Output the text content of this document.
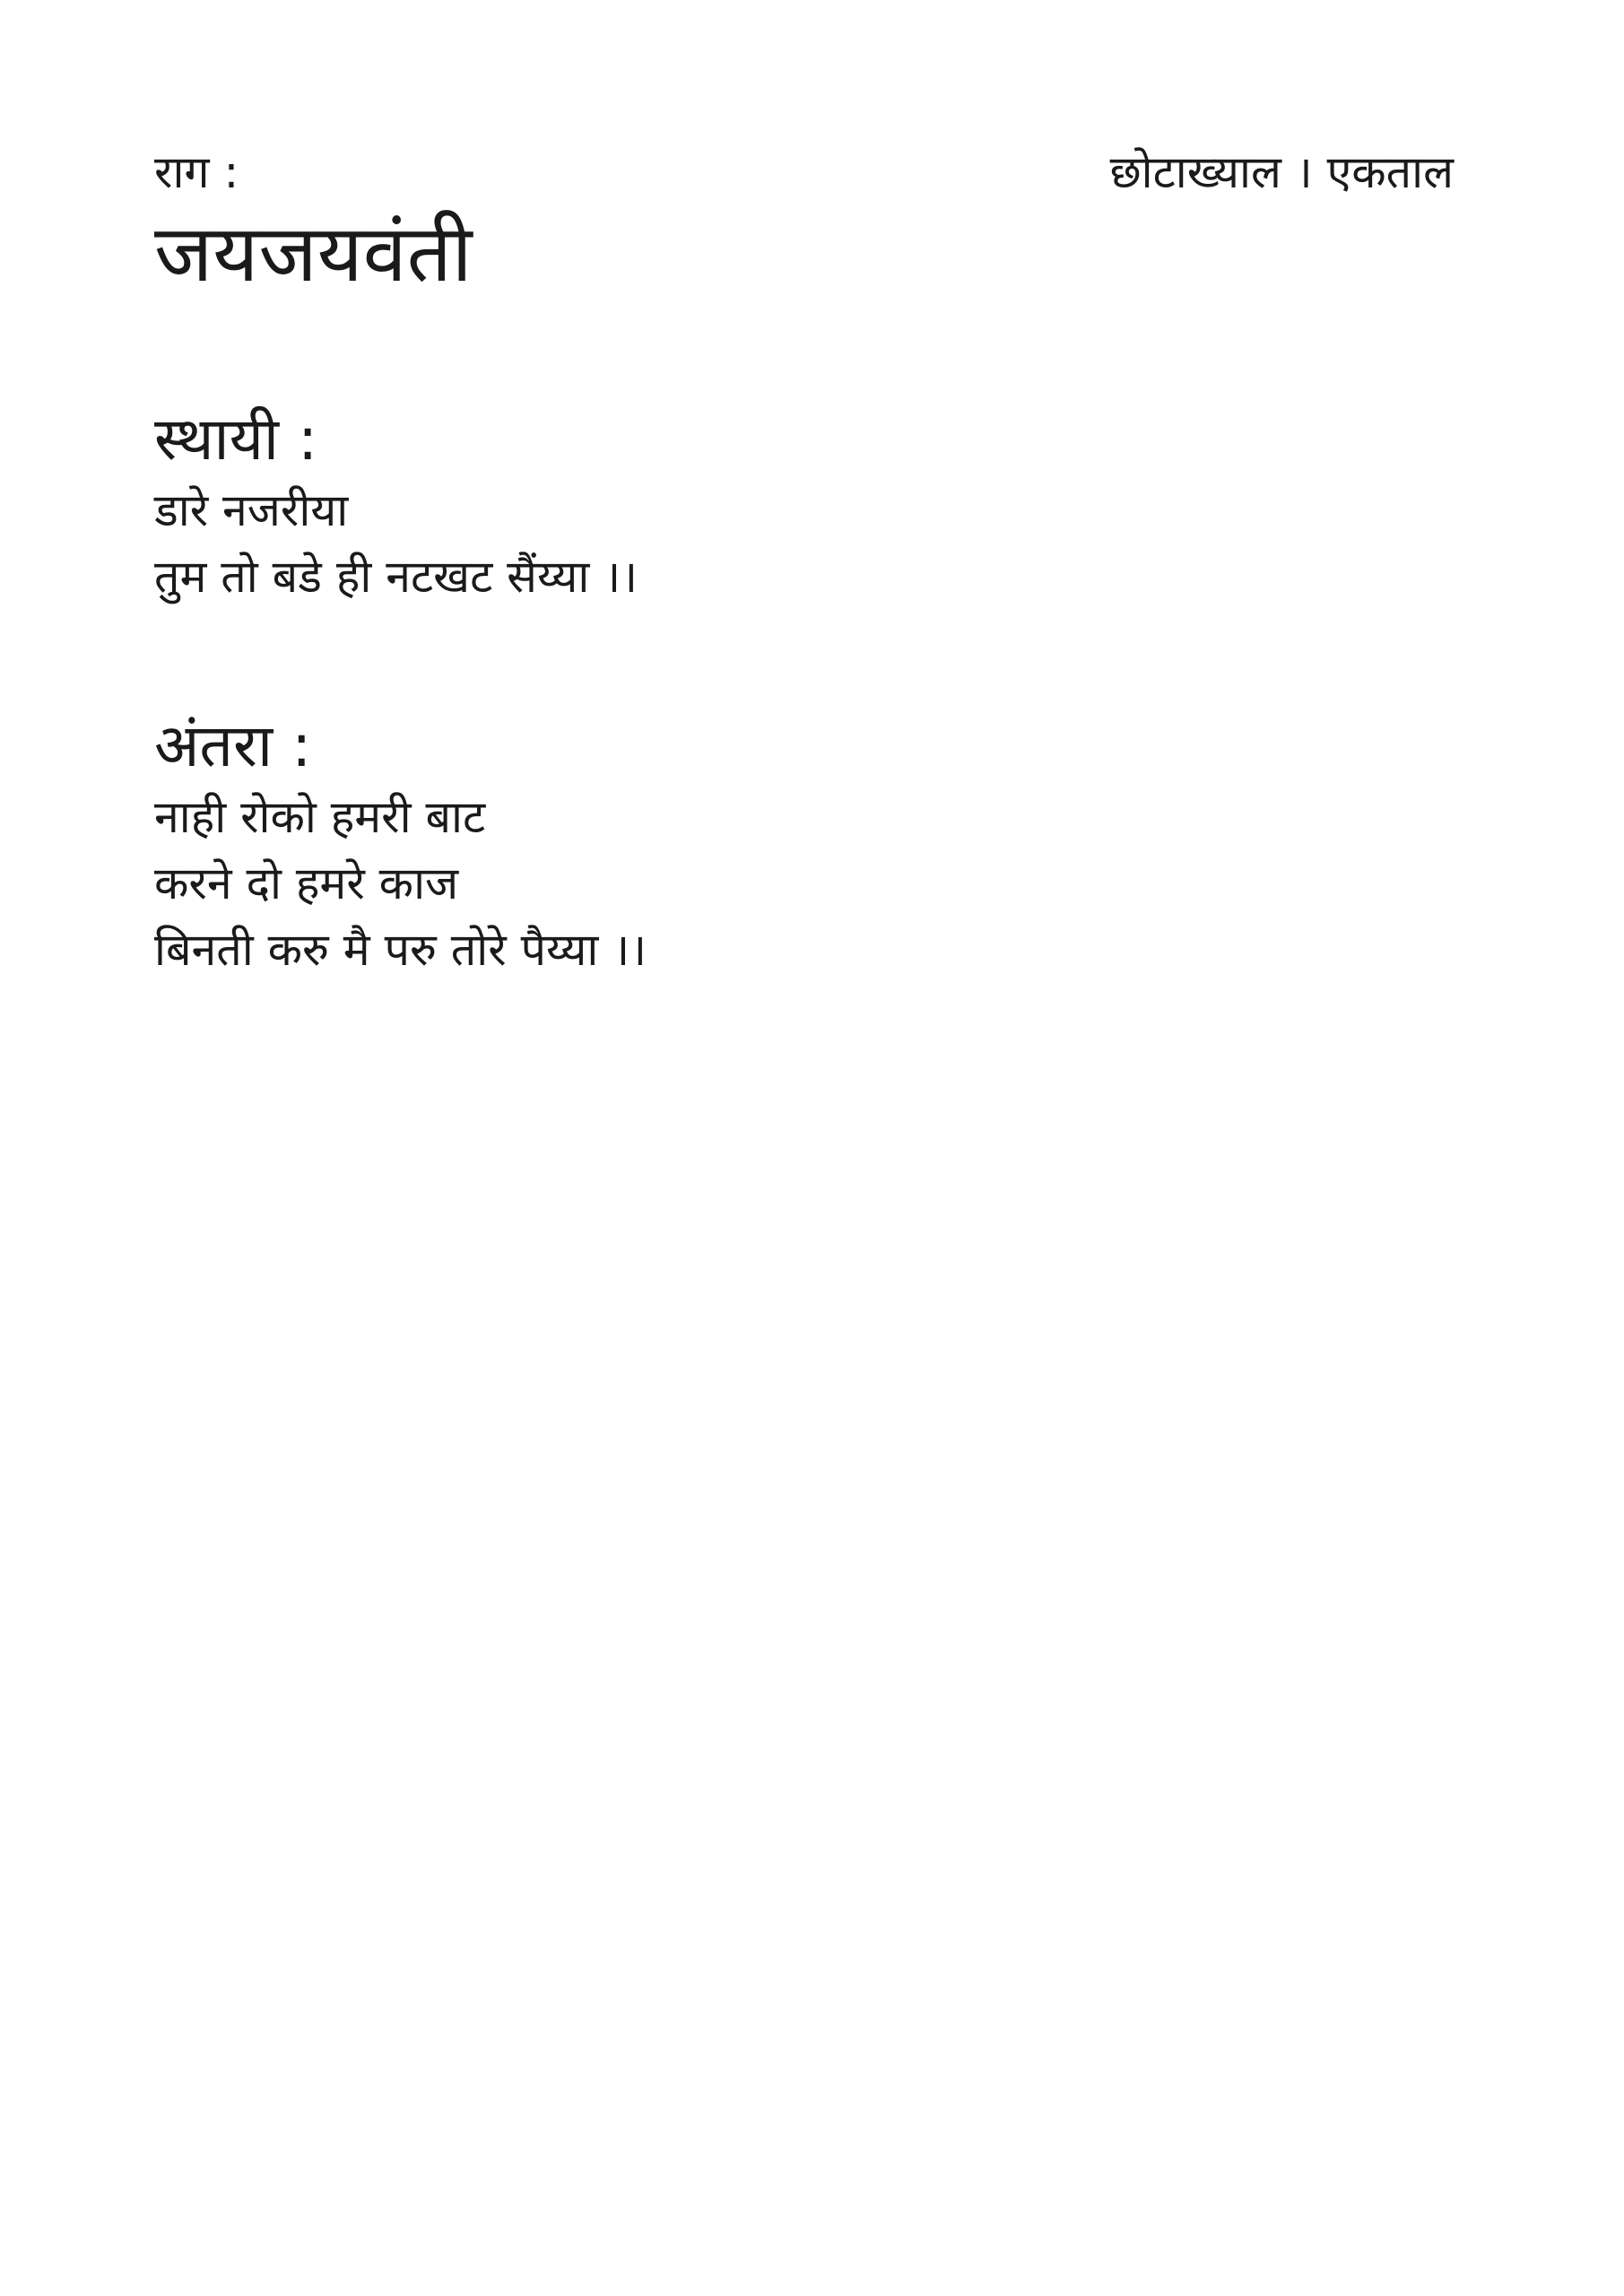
राग :	छोटाख्याल । एकताल
जयजयवंती

स्थायी :

डारे नजरीया

तुम तो बडे ही नटखट सैंय्या ।।

अंतरा :

नाही रोको हमरी बाट

करने दो हमरे काज

बिनती करु मै परु तोरे पैय्या ।।
